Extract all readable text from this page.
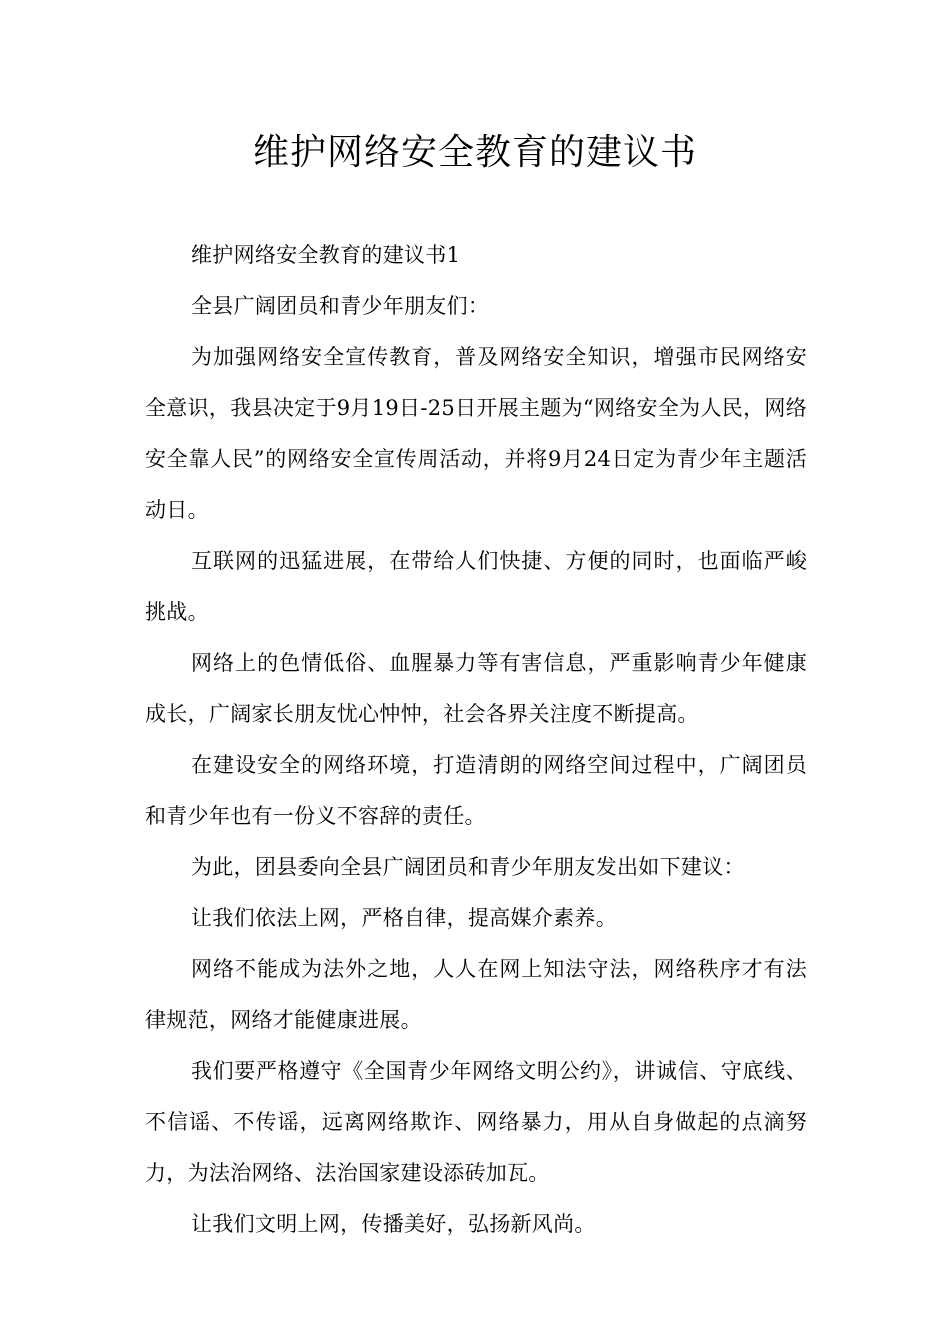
维护网络安全教育的建议书

维护网络安全教育的建议书1

全县广阔团员和青少年朋友们：

为加强网络安全宣传教育，普及网络安全知识，增强市民网络安全意识，我县决定于9月19日-25日开展主题为“网络安全为人民，网络安全靠人民”的网络安全宣传周活动，并将9月24日定为青少年主题活动日。

互联网的迅猛进展，在带给人们快捷、方便的同时，也面临严峻挑战。

网络上的色情低俗、血腥暴力等有害信息，严重影响青少年健康成长，广阔家长朋友忧心忡忡，社会各界关注度不断提高。

在建设安全的网络环境，打造清朗的网络空间过程中，广阔团员和青少年也有一份义不容辞的责任。

为此，团县委向全县广阔团员和青少年朋友发出如下建议：

让我们依法上网，严格自律，提高媒介素养。

网络不能成为法外之地，人人在网上知法守法，网络秩序才有法律规范，网络才能健康进展。

我们要严格遵守《全国青少年网络文明公约》，讲诚信、守底线、不信谣、不传谣，远离网络欺诈、网络暴力，用从自身做起的点滴努力，为法治网络、法治国家建设添砖加瓦。

让我们文明上网，传播美好，弘扬新风尚。
